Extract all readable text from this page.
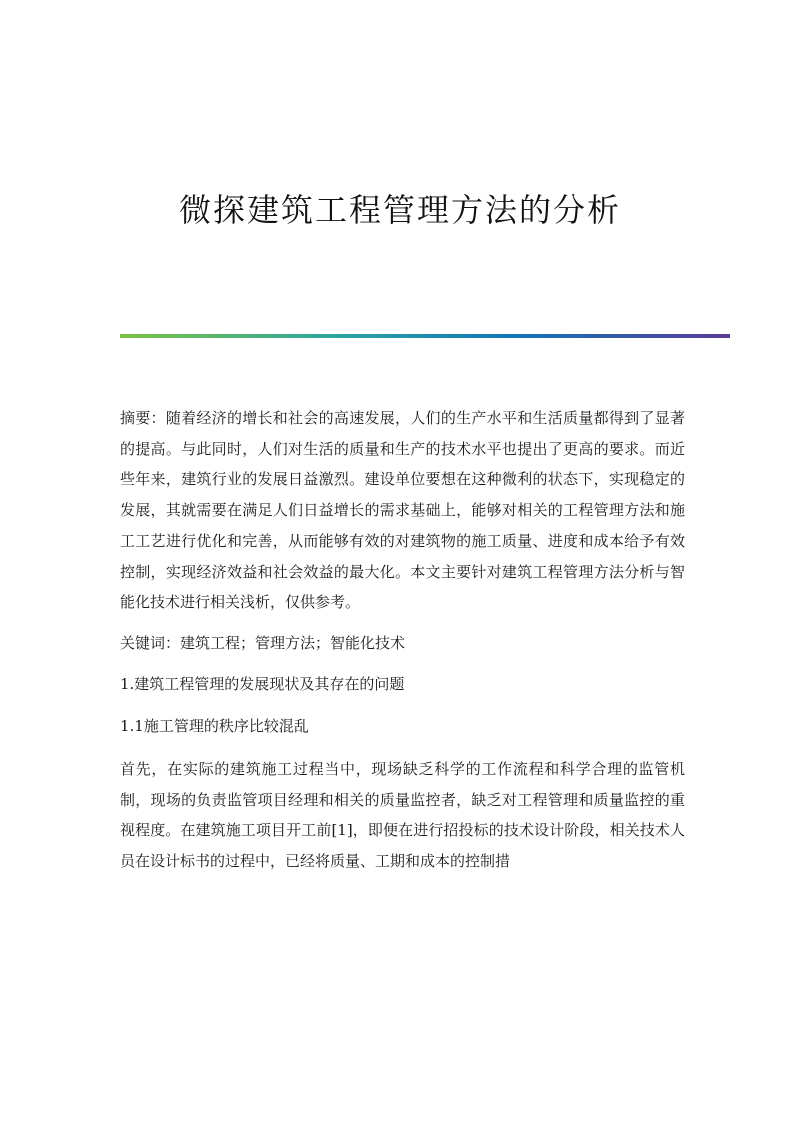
微探建筑工程管理方法的分析

摘要：随着经济的增长和社会的高速发展，人们的生产水平和生活质量都得到了显著的提高。与此同时，人们对生活的质量和生产的技术水平也提出了更高的要求。而近些年来，建筑行业的发展日益激烈。建设单位要想在这种微利的状态下，实现稳定的发展，其就需要在满足人们日益增长的需求基础上，能够对相关的工程管理方法和施工工艺进行优化和完善，从而能够有效的对建筑物的施工质量、进度和成本给予有效控制，实现经济效益和社会效益的最大化。本文主要针对建筑工程管理方法分析与智能化技术进行相关浅析，仅供参考。

关键词：建筑工程；管理方法；智能化技术

1.建筑工程管理的发展现状及其存在的问题

1.1施工管理的秩序比较混乱

首先，在实际的建筑施工过程当中，现场缺乏科学的工作流程和科学合理的监管机制，现场的负责监管项目经理和相关的质量监控者，缺乏对工程管理和质量监控的重视程度。在建筑施工项目开工前[1]，即便在进行招投标的技术设计阶段，相关技术人员在设计标书的过程中，已经将质量、工期和成本的控制措
